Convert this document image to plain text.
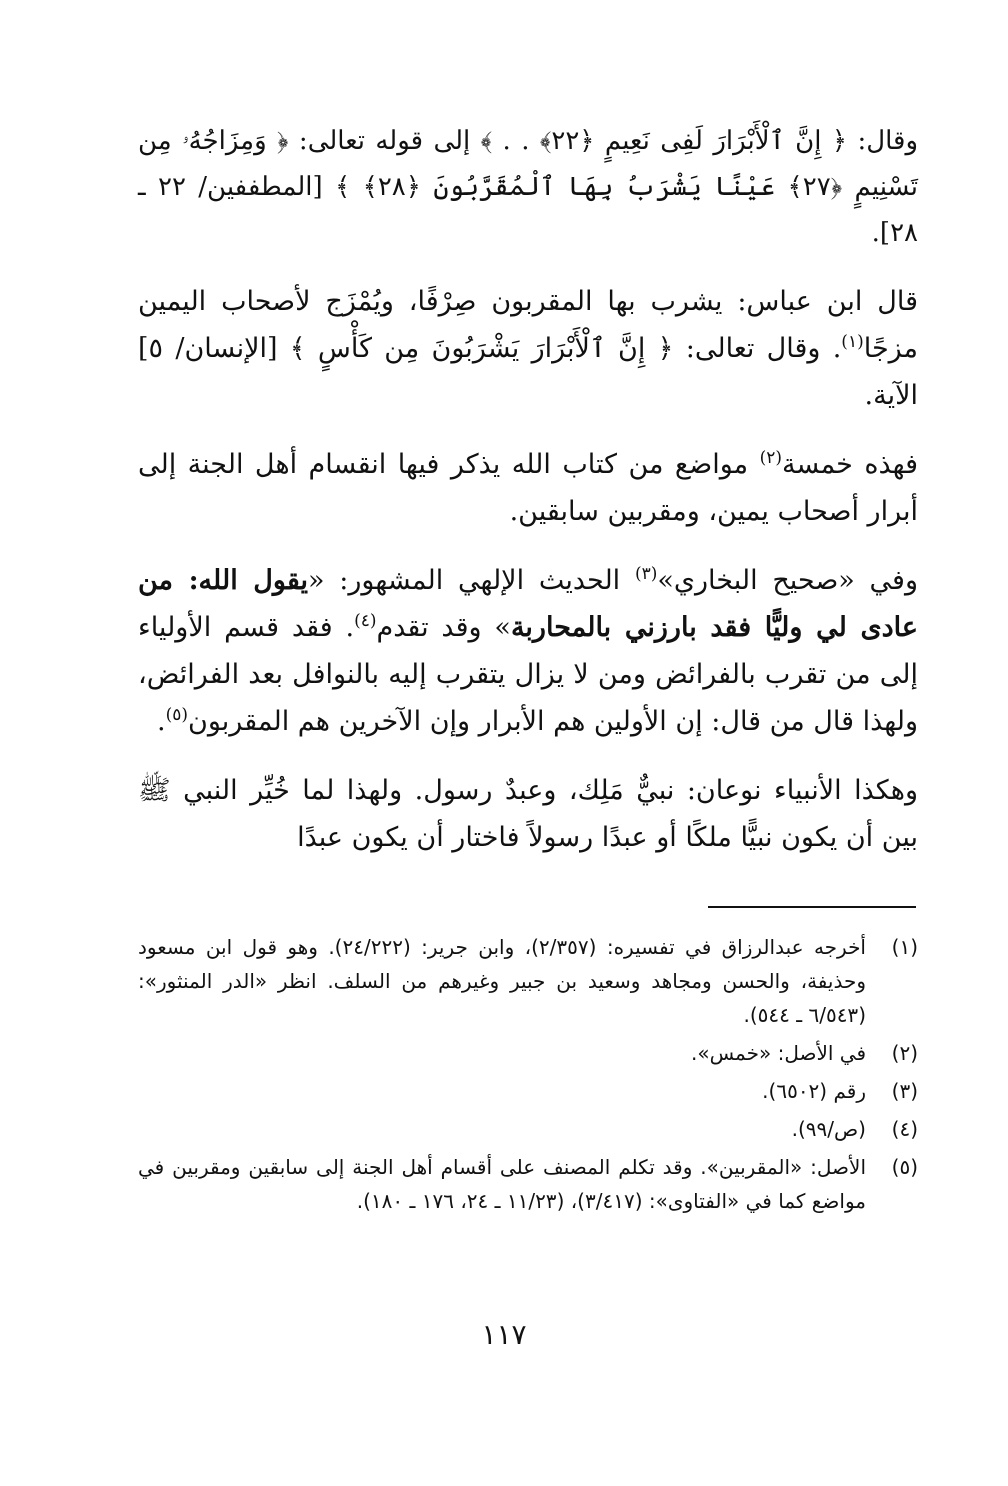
وقال: ﴿ إِنَّ ٱلْأَبْرَارَ لَفِى نَعِيمٍ ﴿٢٢﴾ . . ﴾ إلى قوله تعالى: ﴿ وَمِزَاجُهُۥ مِن تَسْنِيمٍ ﴿٢٧﴾ عَيْنًا يَشْرَبُ بِهَا ٱلْمُقَرَّبُونَ ﴿٢٨﴾ ﴾ [المطففين/ ٢٢ ـ ٢٨].

قال ابن عباس: يشرب بها المقربون صِرْفًا، ويُمْزَج لأصحاب اليمين مزجًا$^{(١)}$. وقال تعالى: ﴿ إِنَّ ٱلْأَبْرَارَ يَشْرَبُونَ مِن كَأْسٍ ﴾ [الإنسان/ ٥] الآية.

فهذه خمسة$^{(٢)}$ مواضع من كتاب الله يذكر فيها انقسام أهل الجنة إلى أبرار أصحاب يمين، ومقربين سابقين.

وفي «صحيح البخاري»$^{(٣)}$ الحديث الإلهي المشهور: «يقول الله: من عادى لي وليًّا فقد بارزني بالمحاربة» وقد تقدم$^{(٤)}$. فقد قسم الأولياء إلى من تقرب بالفرائض ومن لا يزال يتقرب إليه بالنوافل بعد الفرائض، ولهذا قال من قال: إن الأولين هم الأبرار وإن الآخرين هم المقربون$^{(٥)}$.

وهكذا الأنبياء نوعان: نبيٌّ مَلِك، وعبدٌ رسول. ولهذا لما خُيِّر النبي ﷺ بين أن يكون نبيًّا ملكًا أو عبدًا رسولاً فاختار أن يكون عبدًا

(١)
أخرجه عبدالرزاق في تفسيره: (٢/٣٥٧)، وابن جرير: (٢٤/٢٢٢). وهو قول ابن مسعود وحذيفة، والحسن ومجاهد وسعيد بن جبير وغيرهم من السلف. انظر «الدر المنثور»: (٦/٥٤٣ ـ ٥٤٤).
(٢)
في الأصل: «خمس».
(٣)
رقم (٦٥٠٢).
(٤)
(ص/٩٩).
(٥)
الأصل: «المقربين». وقد تكلم المصنف على أقسام أهل الجنة إلى سابقين ومقربين في مواضع كما في «الفتاوى»: (٣/٤١٧)، (١١/٢٣ ـ ٢٤، ١٧٦ ـ ١٨٠).
١١٧
